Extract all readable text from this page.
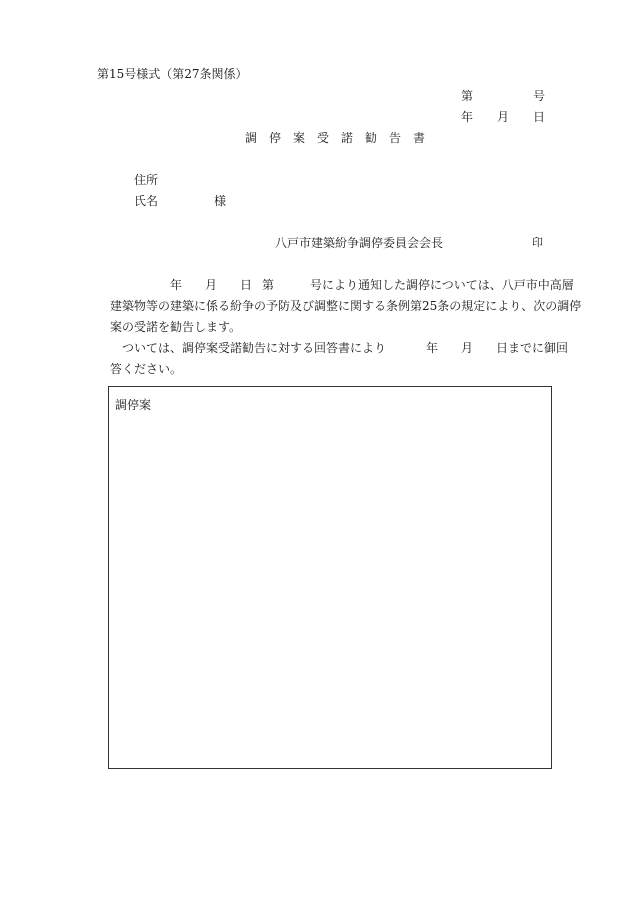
第15号様式（第27条関係）
第	号
年 月 日
調　停　案　受　諾　勧　告　書
住所
氏名	様
八戸市建築紛争調停委員会会長	印
年 月 日 第	号により通知した調停については、八戸市中高層
建築物等の建築に係る紛争の予防及び調整に関する条例第25条の規定により、次の調停
案の受諾を勧告します。
ついては、調停案受諾勧告に対する回答書により	年 月 日までに御回
答ください。
調停案
